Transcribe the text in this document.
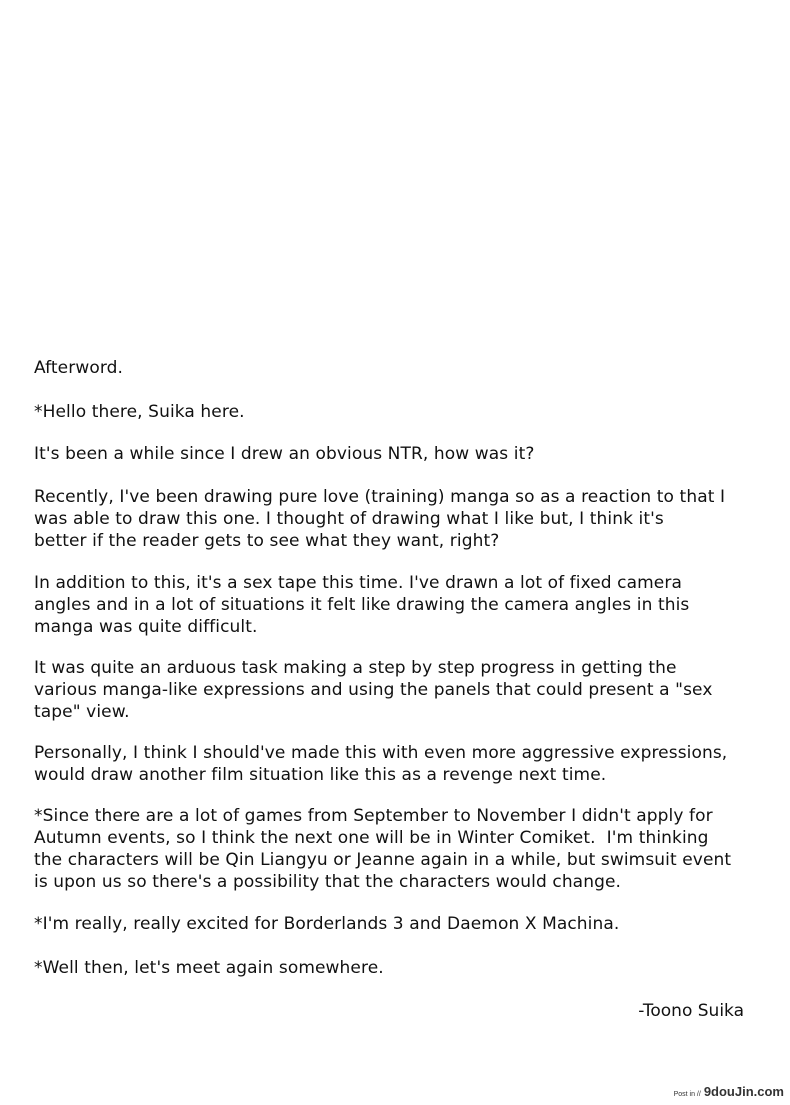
Afterword.
*Hello there, Suika here.
It's been a while since I drew an obvious NTR, how was it?
Recently, I've been drawing pure love (training) manga so as a reaction to that I
was able to draw this one. I thought of drawing what I like but, I think it's
better if the reader gets to see what they want, right?
In addition to this, it's a sex tape this time. I've drawn a lot of fixed camera
angles and in a lot of situations it felt like drawing the camera angles in this
manga was quite difficult.
It was quite an arduous task making a step by step progress in getting the
various manga-like expressions and using the panels that could present a "sex
tape" view.
Personally, I think I should've made this with even more aggressive expressions,
would draw another film situation like this as a revenge next time.
*Since there are a lot of games from September to November I didn't apply for
Autumn events, so I think the next one will be in Winter Comiket.  I'm thinking
the characters will be Qin Liangyu or Jeanne again in a while, but swimsuit event
is upon us so there's a possibility that the characters would change.
*I'm really, really excited for Borderlands 3 and Daemon X Machina.
*Well then, let's meet again somewhere.
-Toono Suika
Post in // 9douJin.com
